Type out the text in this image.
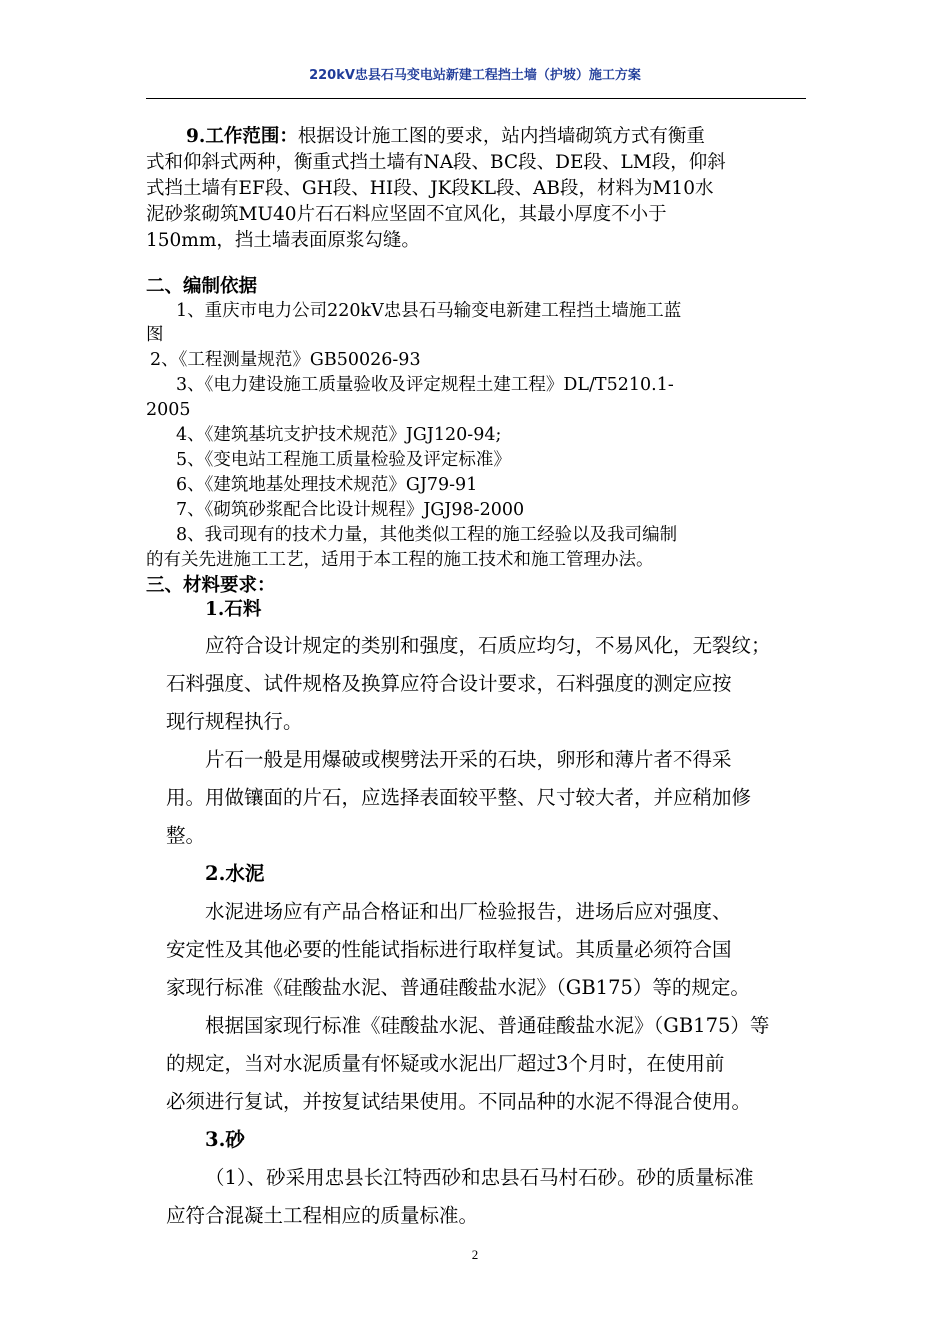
220kV忠县石马变电站新建工程挡土墙（护坡）施工方案
9.工作范围：根据设计施工图的要求，站内挡墙砌筑方式有衡重
式和仰斜式两种，衡重式挡土墙有NA段、BC段、DE段、LM段，仰斜
式挡土墙有EF段、GH段、HI段、JK段KL段、AB段，材料为M10水
泥砂浆砌筑MU40片石石料应坚固不宜风化，其最小厚度不小于
150mm，挡土墙表面原浆勾缝。
二、编制依据
1、重庆市电力公司220kV忠县石马输变电新建工程挡土墙施工蓝
图
2、《工程测量规范》GB50026-93
3、《电力建设施工质量验收及评定规程土建工程》DL/T5210.1-
2005
4、《建筑基坑支护技术规范》JGJ120-94;
5、《变电站工程施工质量检验及评定标准》
6、《建筑地基处理技术规范》GJ79-91
7、《砌筑砂浆配合比设计规程》JGJ98-2000
8、我司现有的技术力量，其他类似工程的施工经验以及我司编制
的有关先进施工工艺，适用于本工程的施工技术和施工管理办法。
三、材料要求：
1.石料
应符合设计规定的类别和强度，石质应均匀，不易风化，无裂纹；
石料强度、试件规格及换算应符合设计要求，石料强度的测定应按
现行规程执行。
片石一般是用爆破或楔劈法开采的石块，卵形和薄片者不得采
用。用做镶面的片石，应选择表面较平整、尺寸较大者，并应稍加修
整。
2.水泥
水泥进场应有产品合格证和出厂检验报告，进场后应对强度、
安定性及其他必要的性能试指标进行取样复试。其质量必须符合国
家现行标准《硅酸盐水泥、普通硅酸盐水泥》（GB175）等的规定。
根据国家现行标准《硅酸盐水泥、普通硅酸盐水泥》（GB175）等
的规定，当对水泥质量有怀疑或水泥出厂超过3个月时，在使用前
必须进行复试，并按复试结果使用。不同品种的水泥不得混合使用。
3.砂
（1）、砂采用忠县长江特西砂和忠县石马村石砂。砂的质量标准
应符合混凝土工程相应的质量标准。
2
